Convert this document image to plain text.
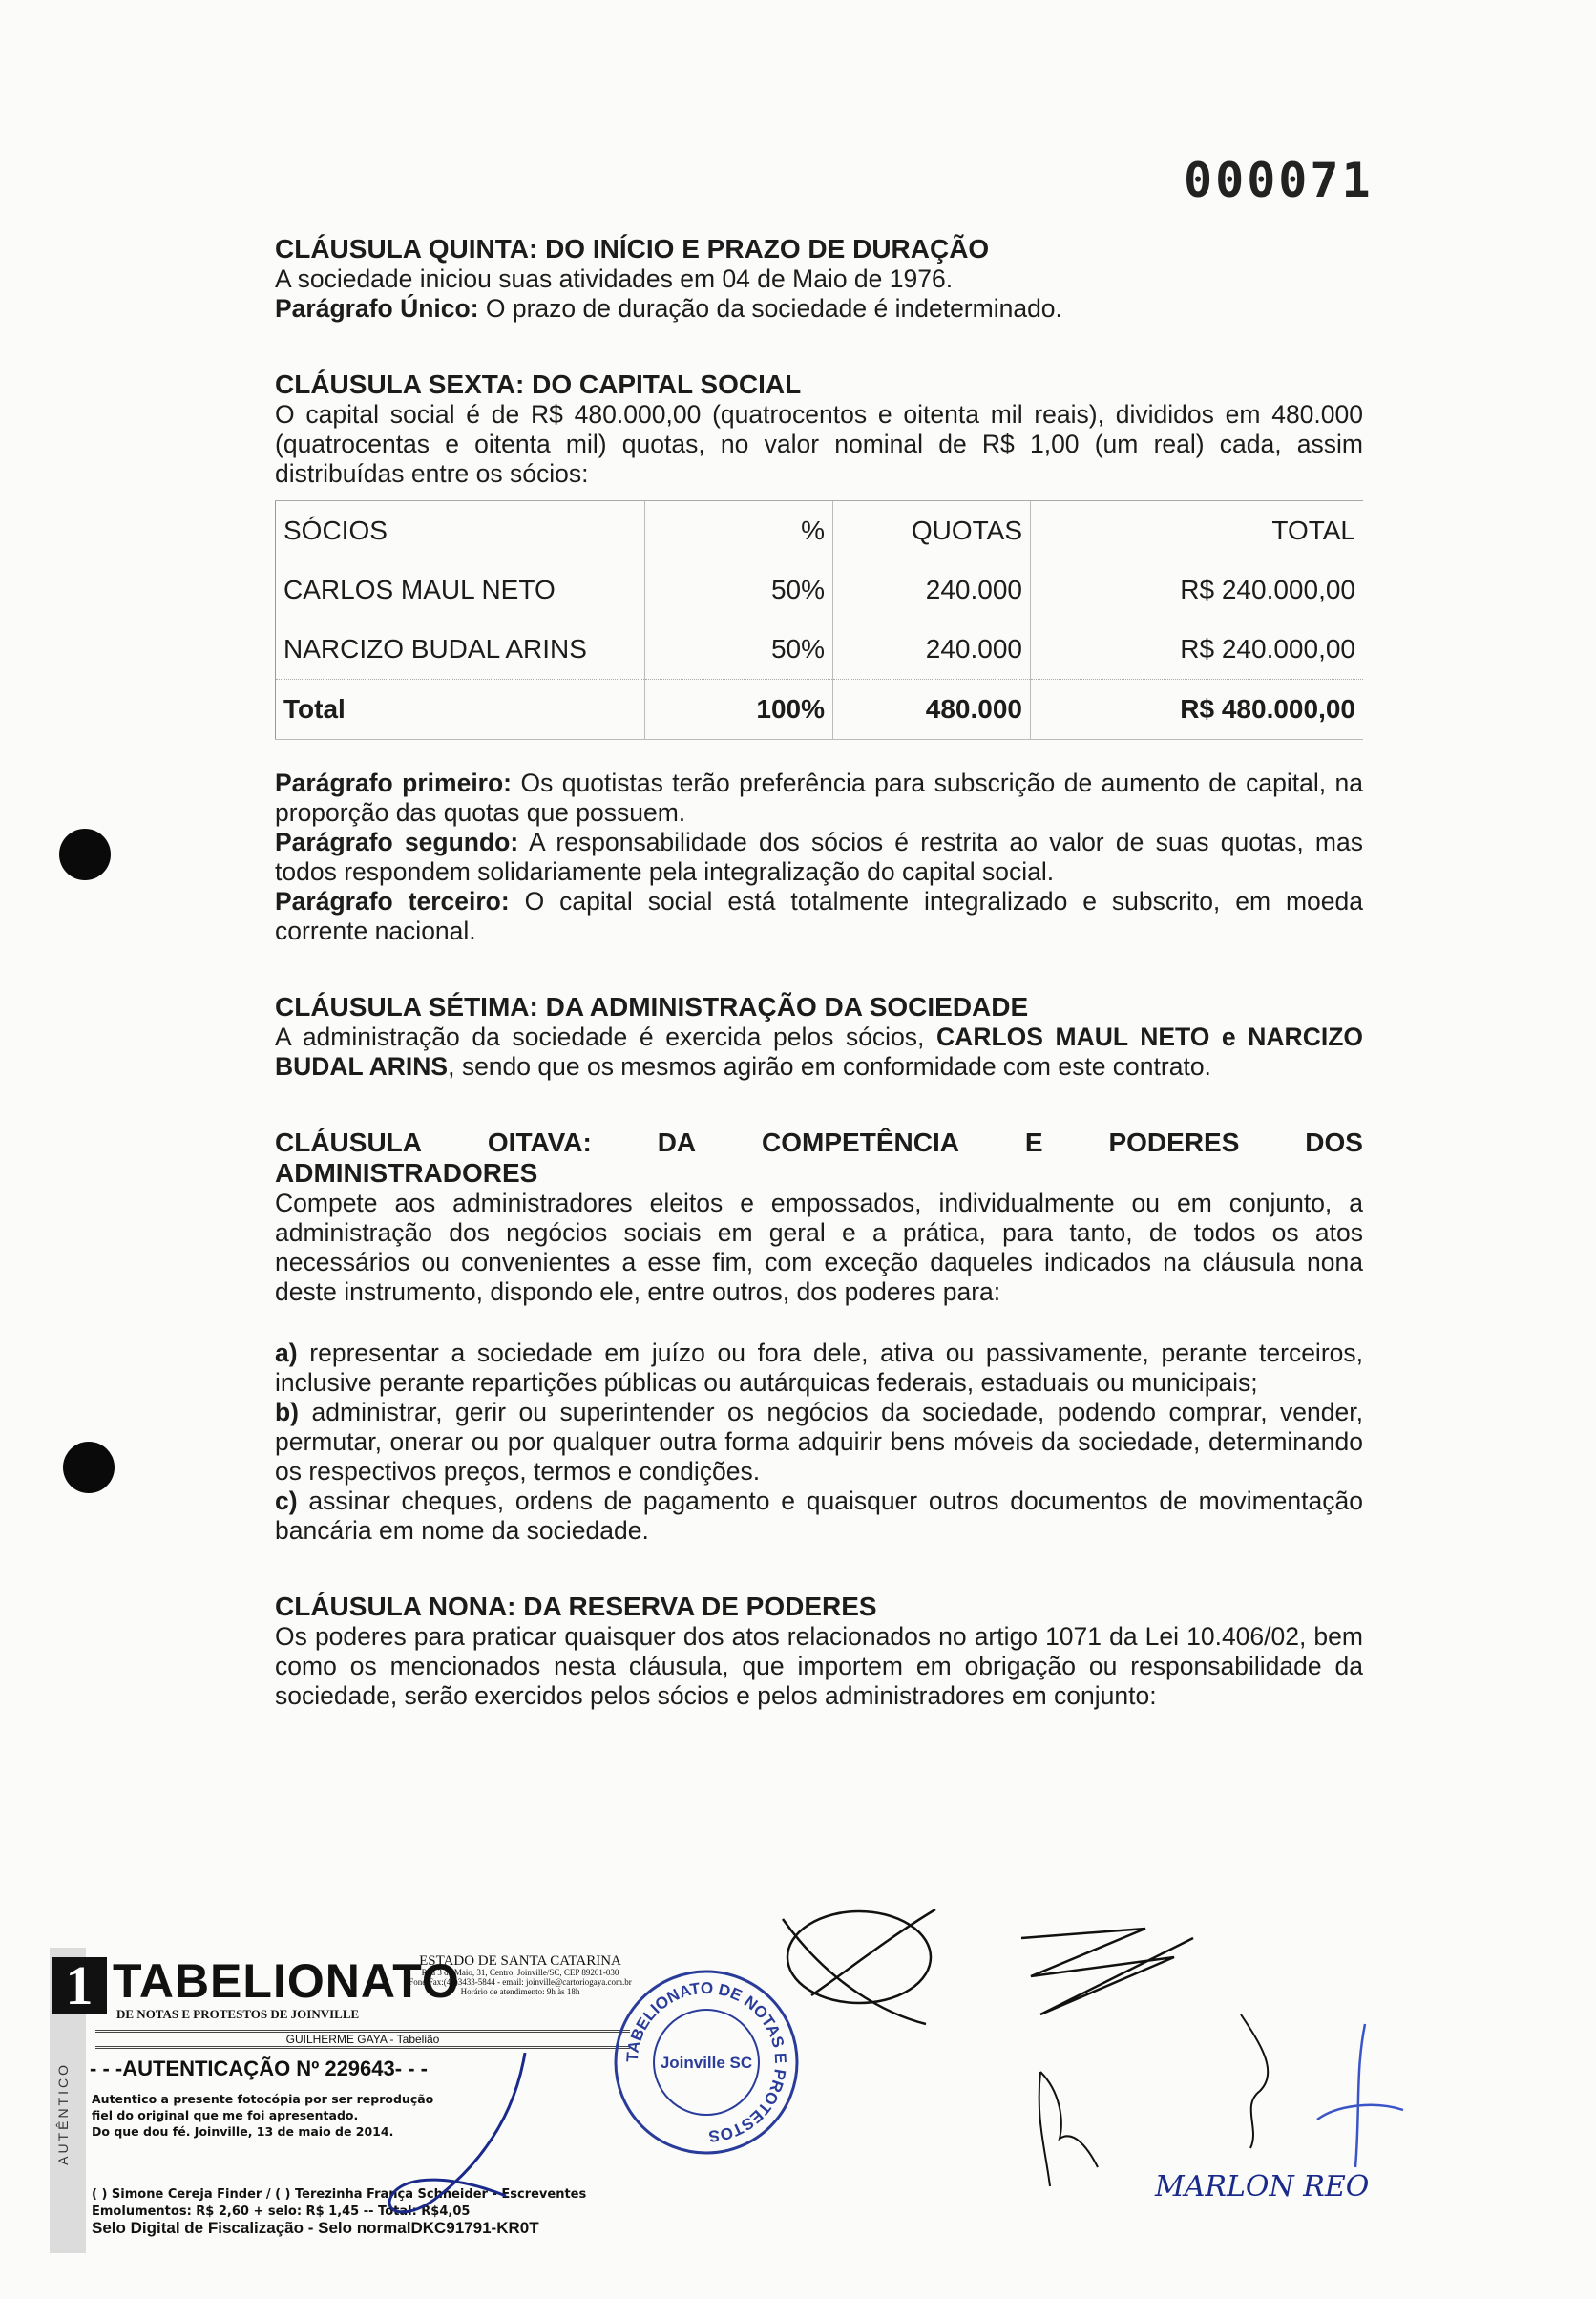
000071

CLÁUSULA QUINTA: DO INÍCIO E PRAZO DE DURAÇÃO

A sociedade iniciou suas atividades em 04 de Maio de 1976.

Parágrafo Único: O prazo de duração da sociedade é indeterminado.

CLÁUSULA SEXTA: DO CAPITAL SOCIAL

O capital social é de R$ 480.000,00 (quatrocentos e oitenta mil reais), divididos em 480.000 (quatrocentas e oitenta mil) quotas, no valor nominal de R$ 1,00 (um real) cada, assim distribuídas entre os sócios:

SÓCIOS	%	QUOTAS	TOTAL
CARLOS MAUL NETO	50%	240.000	R$ 240.000,00
NARCIZO BUDAL ARINS	50%	240.000	R$ 240.000,00
Total	100%	480.000	R$ 480.000,00

Parágrafo primeiro: Os quotistas terão preferência para subscrição de aumento de capital, na proporção das quotas que possuem.

Parágrafo segundo: A responsabilidade dos sócios é restrita ao valor de suas quotas, mas todos respondem solidariamente pela integralização do capital social.

Parágrafo terceiro: O capital social está totalmente integralizado e subscrito, em moeda corrente nacional.

CLÁUSULA SÉTIMA: DA ADMINISTRAÇÃO DA SOCIEDADE

A administração da sociedade é exercida pelos sócios, CARLOS MAUL NETO e NARCIZO BUDAL ARINS, sendo que os mesmos agirão em conformidade com este contrato.

CLÁUSULA OITAVA: DA COMPETÊNCIA E PODERES DOS

ADMINISTRADORES

Compete aos administradores eleitos e empossados, individualmente ou em conjunto, a administração dos negócios sociais em geral e a prática, para tanto, de todos os atos necessários ou convenientes a esse fim, com exceção daqueles indicados na cláusula nona deste instrumento, dispondo ele, entre outros, dos poderes para:

a) representar a sociedade em juízo ou fora dele, ativa ou passivamente, perante terceiros, inclusive perante repartições públicas ou autárquicas federais, estaduais ou municipais;

b) administrar, gerir ou superintender os negócios da sociedade, podendo comprar, vender, permutar, onerar ou por qualquer outra forma adquirir bens móveis da sociedade, determinando os respectivos preços, termos e condições.

c) assinar cheques, ordens de pagamento e quaisquer outros documentos de movimentação bancária em nome da sociedade.

CLÁUSULA NONA: DA RESERVA DE PODERES

Os poderes para praticar quaisquer dos atos relacionados no artigo 1071 da Lei 10.406/02, bem como os mencionados nesta cláusula, que importem em obrigação ou responsabilidade da sociedade, serão exercidos pelos sócios e pelos administradores em conjunto:

AUTÊNTICO
1 TABELIONATO
DE NOTAS E PROTESTOS DE JOINVILLE
ESTADO DE SANTA CATARINA
Rua 3 de Maio, 31, Centro, Joinville/SC, CEP 89201-030
Fone/Fax:(47)3433-5844 - email: joinville@cartoriogaya.com.br
Horário de atendimento: 9h às 18h
GUILHERME GAYA - Tabelião
- - -AUTENTICAÇÃO Nº 229643- - -
Autentico a presente fotocópia por ser reprodução
fiel do original que me foi apresentado.
Do que dou fé. Joinville, 13 de maio de 2014.
( ) Simone Cereja Finder / ( ) Terezinha França Schneider - Escreventes
Emolumentos: R$ 2,60 + selo: R$ 1,45 -- Total: R$4,05
Selo Digital de Fiscalização - Selo normalDKC91791-KR0T
TABELIONATO DE NOTAS E PROTESTOS
Joinville SC
MARLON REO
